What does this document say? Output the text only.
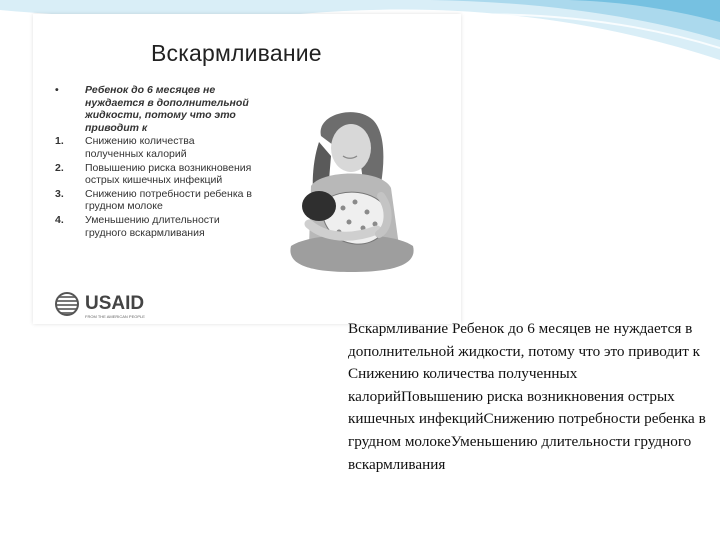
Вскармливание
•	Ребенок до 6 месяцев не нуждается в дополнительной жидкости, потому что это приводит к
1.	Снижению количества полученных калорий
2.	Повышению риска возникновения острых кишечных инфекций
3.	Снижению потребности ребенка в грудном молоке
4.	Уменьшению длительности грудного вскармливания
USAID
FROM THE AMERICAN PEOPLE
Вскармливание Ребенок до 6 месяцев не нуждается в дополнительной жидкости, потому что это приводит к Снижению количества полученных калорийПовышению риска возникновения острых кишечных инфекцийСнижению потребности ребенка в грудном молокеУменьшению длительности грудного вскармливания
